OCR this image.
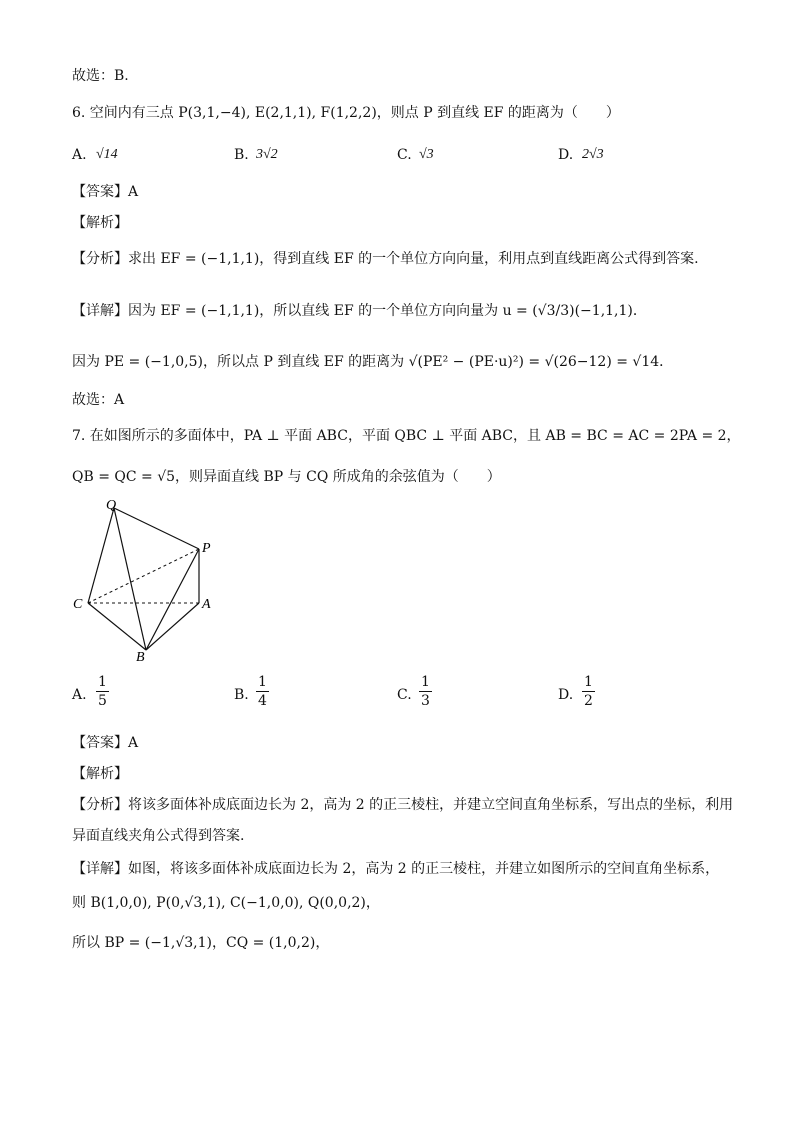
故选：B.
6. 空间内有三点 P(3,1,−4), E(2,1,1), F(1,2,2)，则点 P 到直线 EF 的距离为（　　）
A. √14	B. 3√2	C. √3	D. 2√3
【答案】A
【解析】
【分析】求出 EF = (−1,1,1)，得到直线 EF 的一个单位方向向量，利用点到直线距离公式得到答案.
【详解】因为 EF = (−1,1,1)，所以直线 EF 的一个单位方向向量为 u = (√3/3)(−1,1,1)．
因为 PE = (−1,0,5)，所以点 P 到直线 EF 的距离为 √(PE² − (PE·u)²) = √(26−12) = √14．
故选：A
7. 在如图所示的多面体中，PA ⊥ 平面 ABC，平面 QBC ⊥ 平面 ABC，且 AB = BC = AC = 2PA = 2，
QB = QC = √5，则异面直线 BP 与 CQ 所成角的余弦值为（　　）
Q
P
C	A
B
A. $\frac{1}{5}$	B. $\frac{1}{4}$	C. $\frac{1}{3}$	D. $\frac{1}{2}$
【答案】A
【解析】
【分析】将该多面体补成底面边长为 2，高为 2 的正三棱柱，并建立空间直角坐标系，写出点的坐标，利用
异面直线夹角公式得到答案.
【详解】如图，将该多面体补成底面边长为 2，高为 2 的正三棱柱，并建立如图所示的空间直角坐标系，
则 B(1,0,0), P(0,√3,1), C(−1,0,0), Q(0,0,2)，
所以 BP = (−1,√3,1)，CQ = (1,0,2)，
